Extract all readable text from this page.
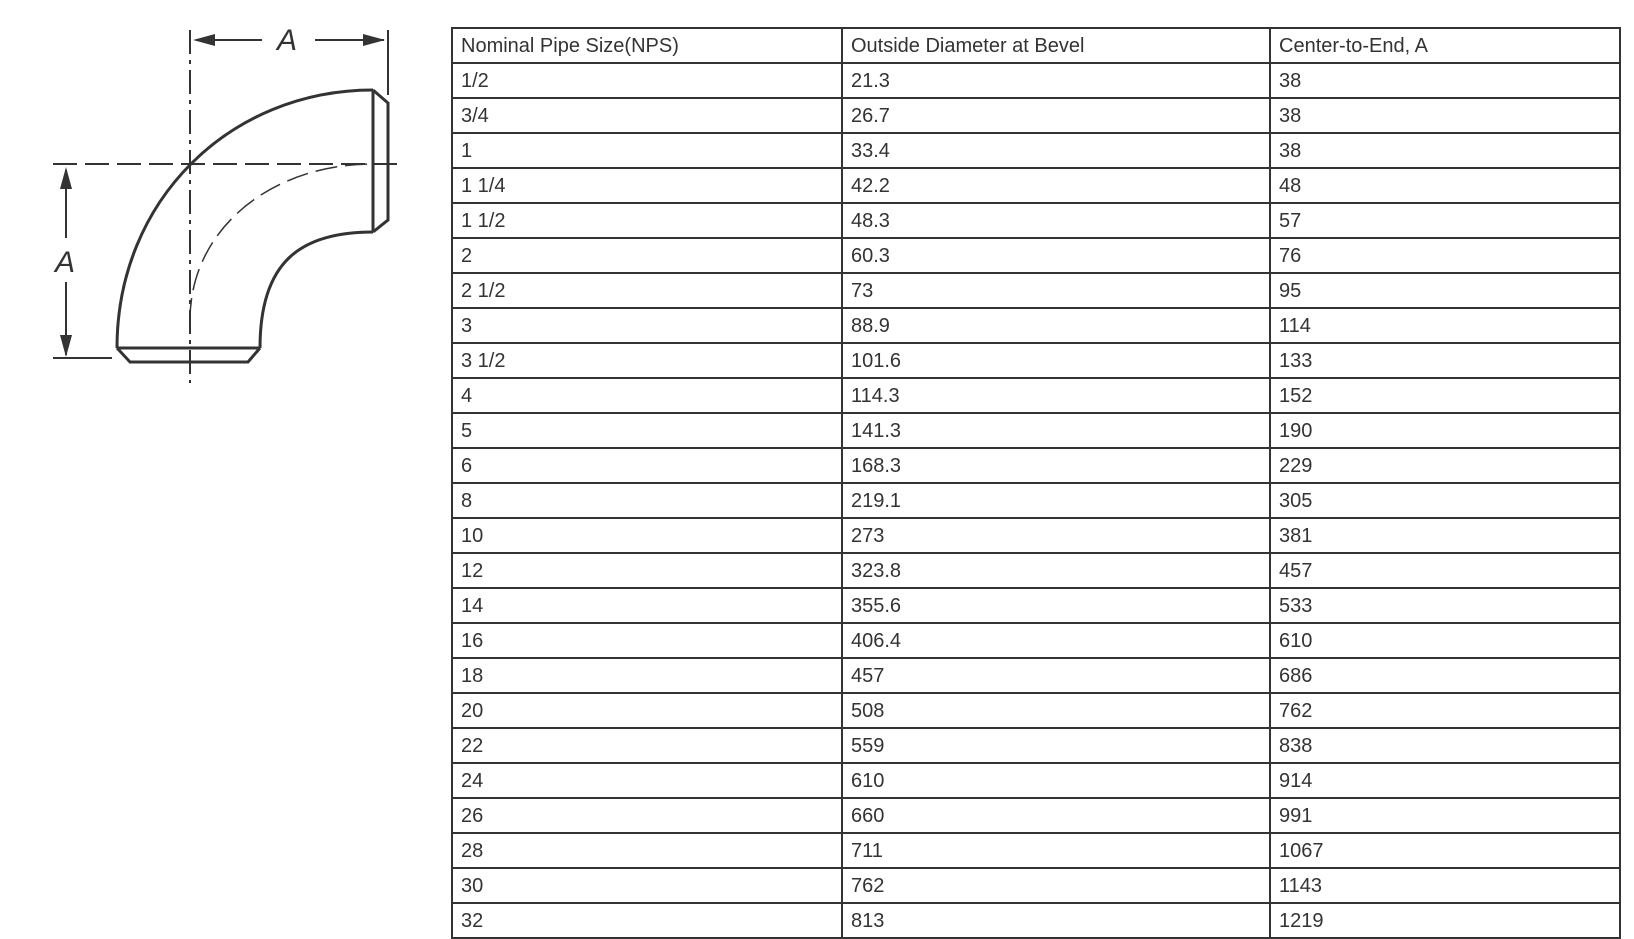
A
A
Nominal Pipe Size(NPS)	Outside Diameter at Bevel	Center-to-End, A
1/2	21.3	38
3/4	26.7	38
1	33.4	38
1 1/4	42.2	48
1 1/2	48.3	57
2	60.3	76
2 1/2	73	95
3	88.9	114
3 1/2	101.6	133
4	114.3	152
5	141.3	190
6	168.3	229
8	219.1	305
10	273	381
12	323.8	457
14	355.6	533
16	406.4	610
18	457	686
20	508	762
22	559	838
24	610	914
26	660	991
28	711	1067
30	762	1143
32	813	1219
